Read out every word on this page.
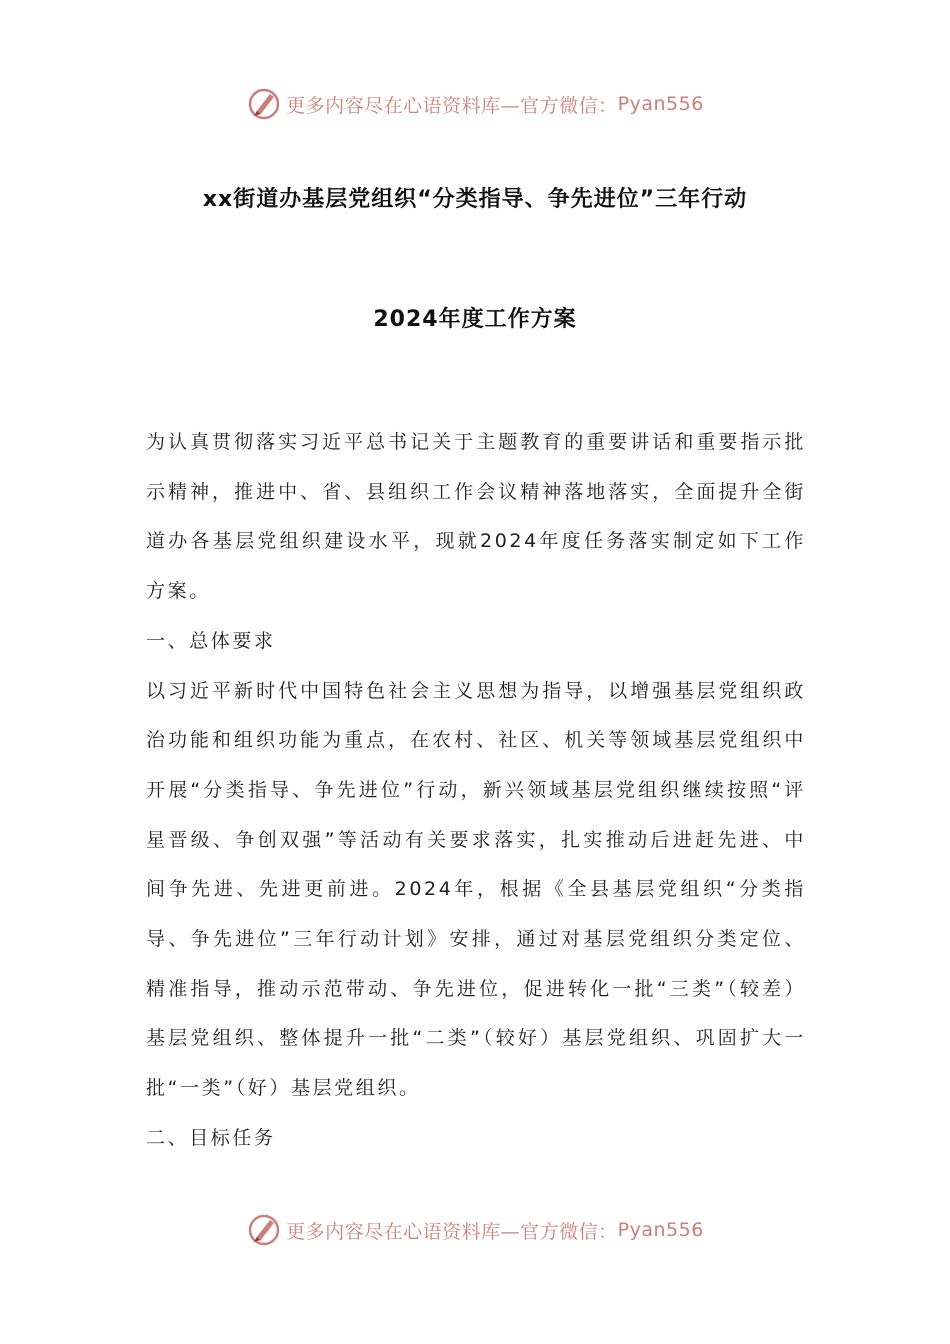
更多内容尽在心语资料库—官方微信： Pyan556
xx街道办基层党组织“分类指导、争先进位”三年行动
2024年度工作方案

为认真贯彻落实习近平总书记关于主题教育的重要讲话和重要指示批示精神，推进中、省、县组织工作会议精神落地落实，全面提升全街道办各基层党组织建设水平，现就2024年度任务落实制定如下工作方案。

一、总体要求

以习近平新时代中国特色社会主义思想为指导，以增强基层党组织政治功能和组织功能为重点，在农村、社区、机关等领域基层党组织中开展“分类指导、争先进位”行动，新兴领域基层党组织继续按照“评星晋级、争创双强”等活动有关要求落实，扎实推动后进赶先进、中间争先进、先进更前进。2024年，根据《全县基层党组织“分类指导、争先进位”三年行动计划》安排，通过对基层党组织分类定位、精准指导，推动示范带动、争先进位，促进转化一批“三类”（较差）基层党组织、整体提升一批“二类”（较好）基层党组织、巩固扩大一批“一类”（好）基层党组织。

二、目标任务

更多内容尽在心语资料库—官方微信： Pyan556
